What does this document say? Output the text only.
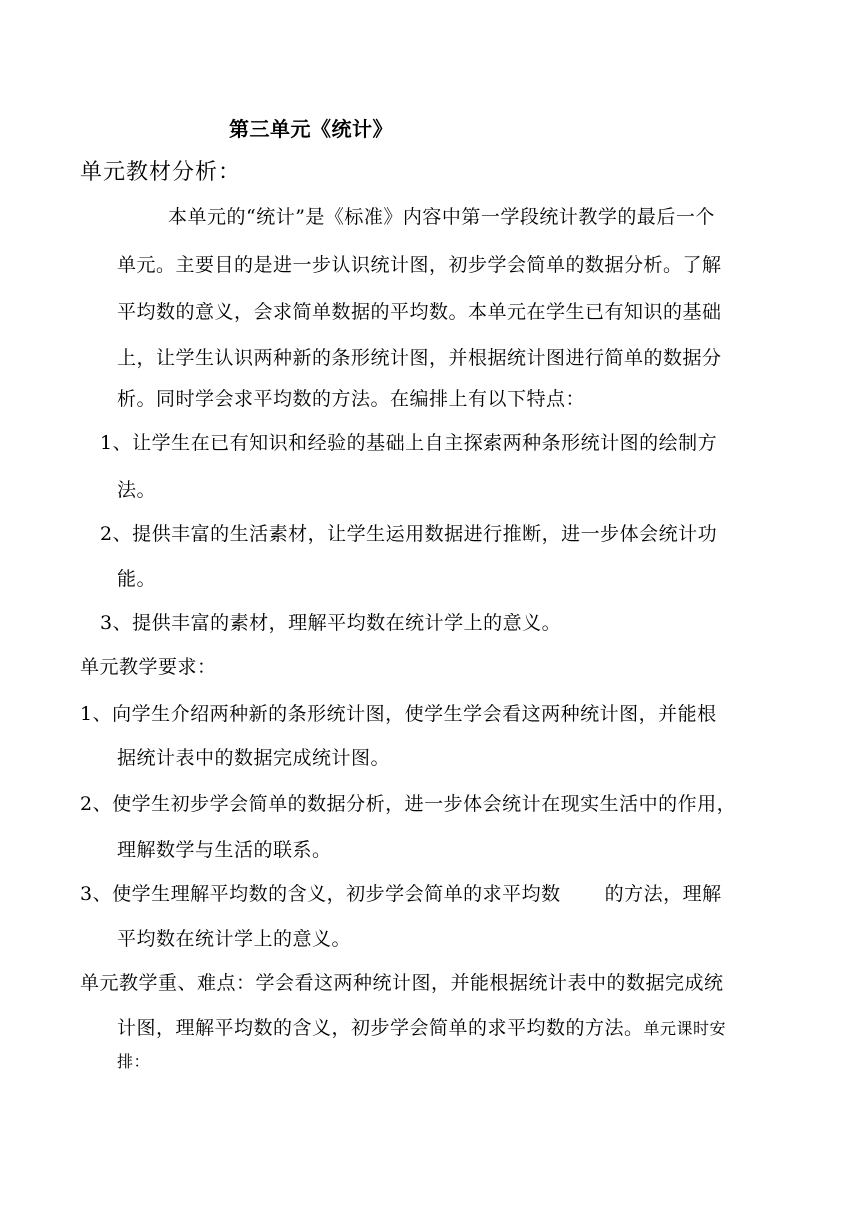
第三单元《统计》
单元教材分析：
本单元的“统计”是《标准》内容中第一学段统计教学的最后一个
单元。主要目的是进一步认识统计图，初步学会简单的数据分析。了解
平均数的意义，会求简单数据的平均数。本单元在学生已有知识的基础
上，让学生认识两种新的条形统计图，并根据统计图进行简单的数据分
析。同时学会求平均数的方法。在编排上有以下特点：
1、让学生在已有知识和经验的基础上自主探索两种条形统计图的绘制方
法。
2、提供丰富的生活素材，让学生运用数据进行推断，进一步体会统计功
能。
3、提供丰富的素材，理解平均数在统计学上的意义。
单元教学要求：
1、向学生介绍两种新的条形统计图，使学生学会看这两种统计图，并能根
据统计表中的数据完成统计图。
2、使学生初步学会简单的数据分析，进一步体会统计在现实生活中的作用，
理解数学与生活的联系。
3、使学生理解平均数的含义，初步学会简单的求平均数 的方法，理解
平均数在统计学上的意义。
单元教学重、难点：学会看这两种统计图，并能根据统计表中的数据完成统
计图，理解平均数的含义，初步学会简单的求平均数的方法。单元课时安
排：
